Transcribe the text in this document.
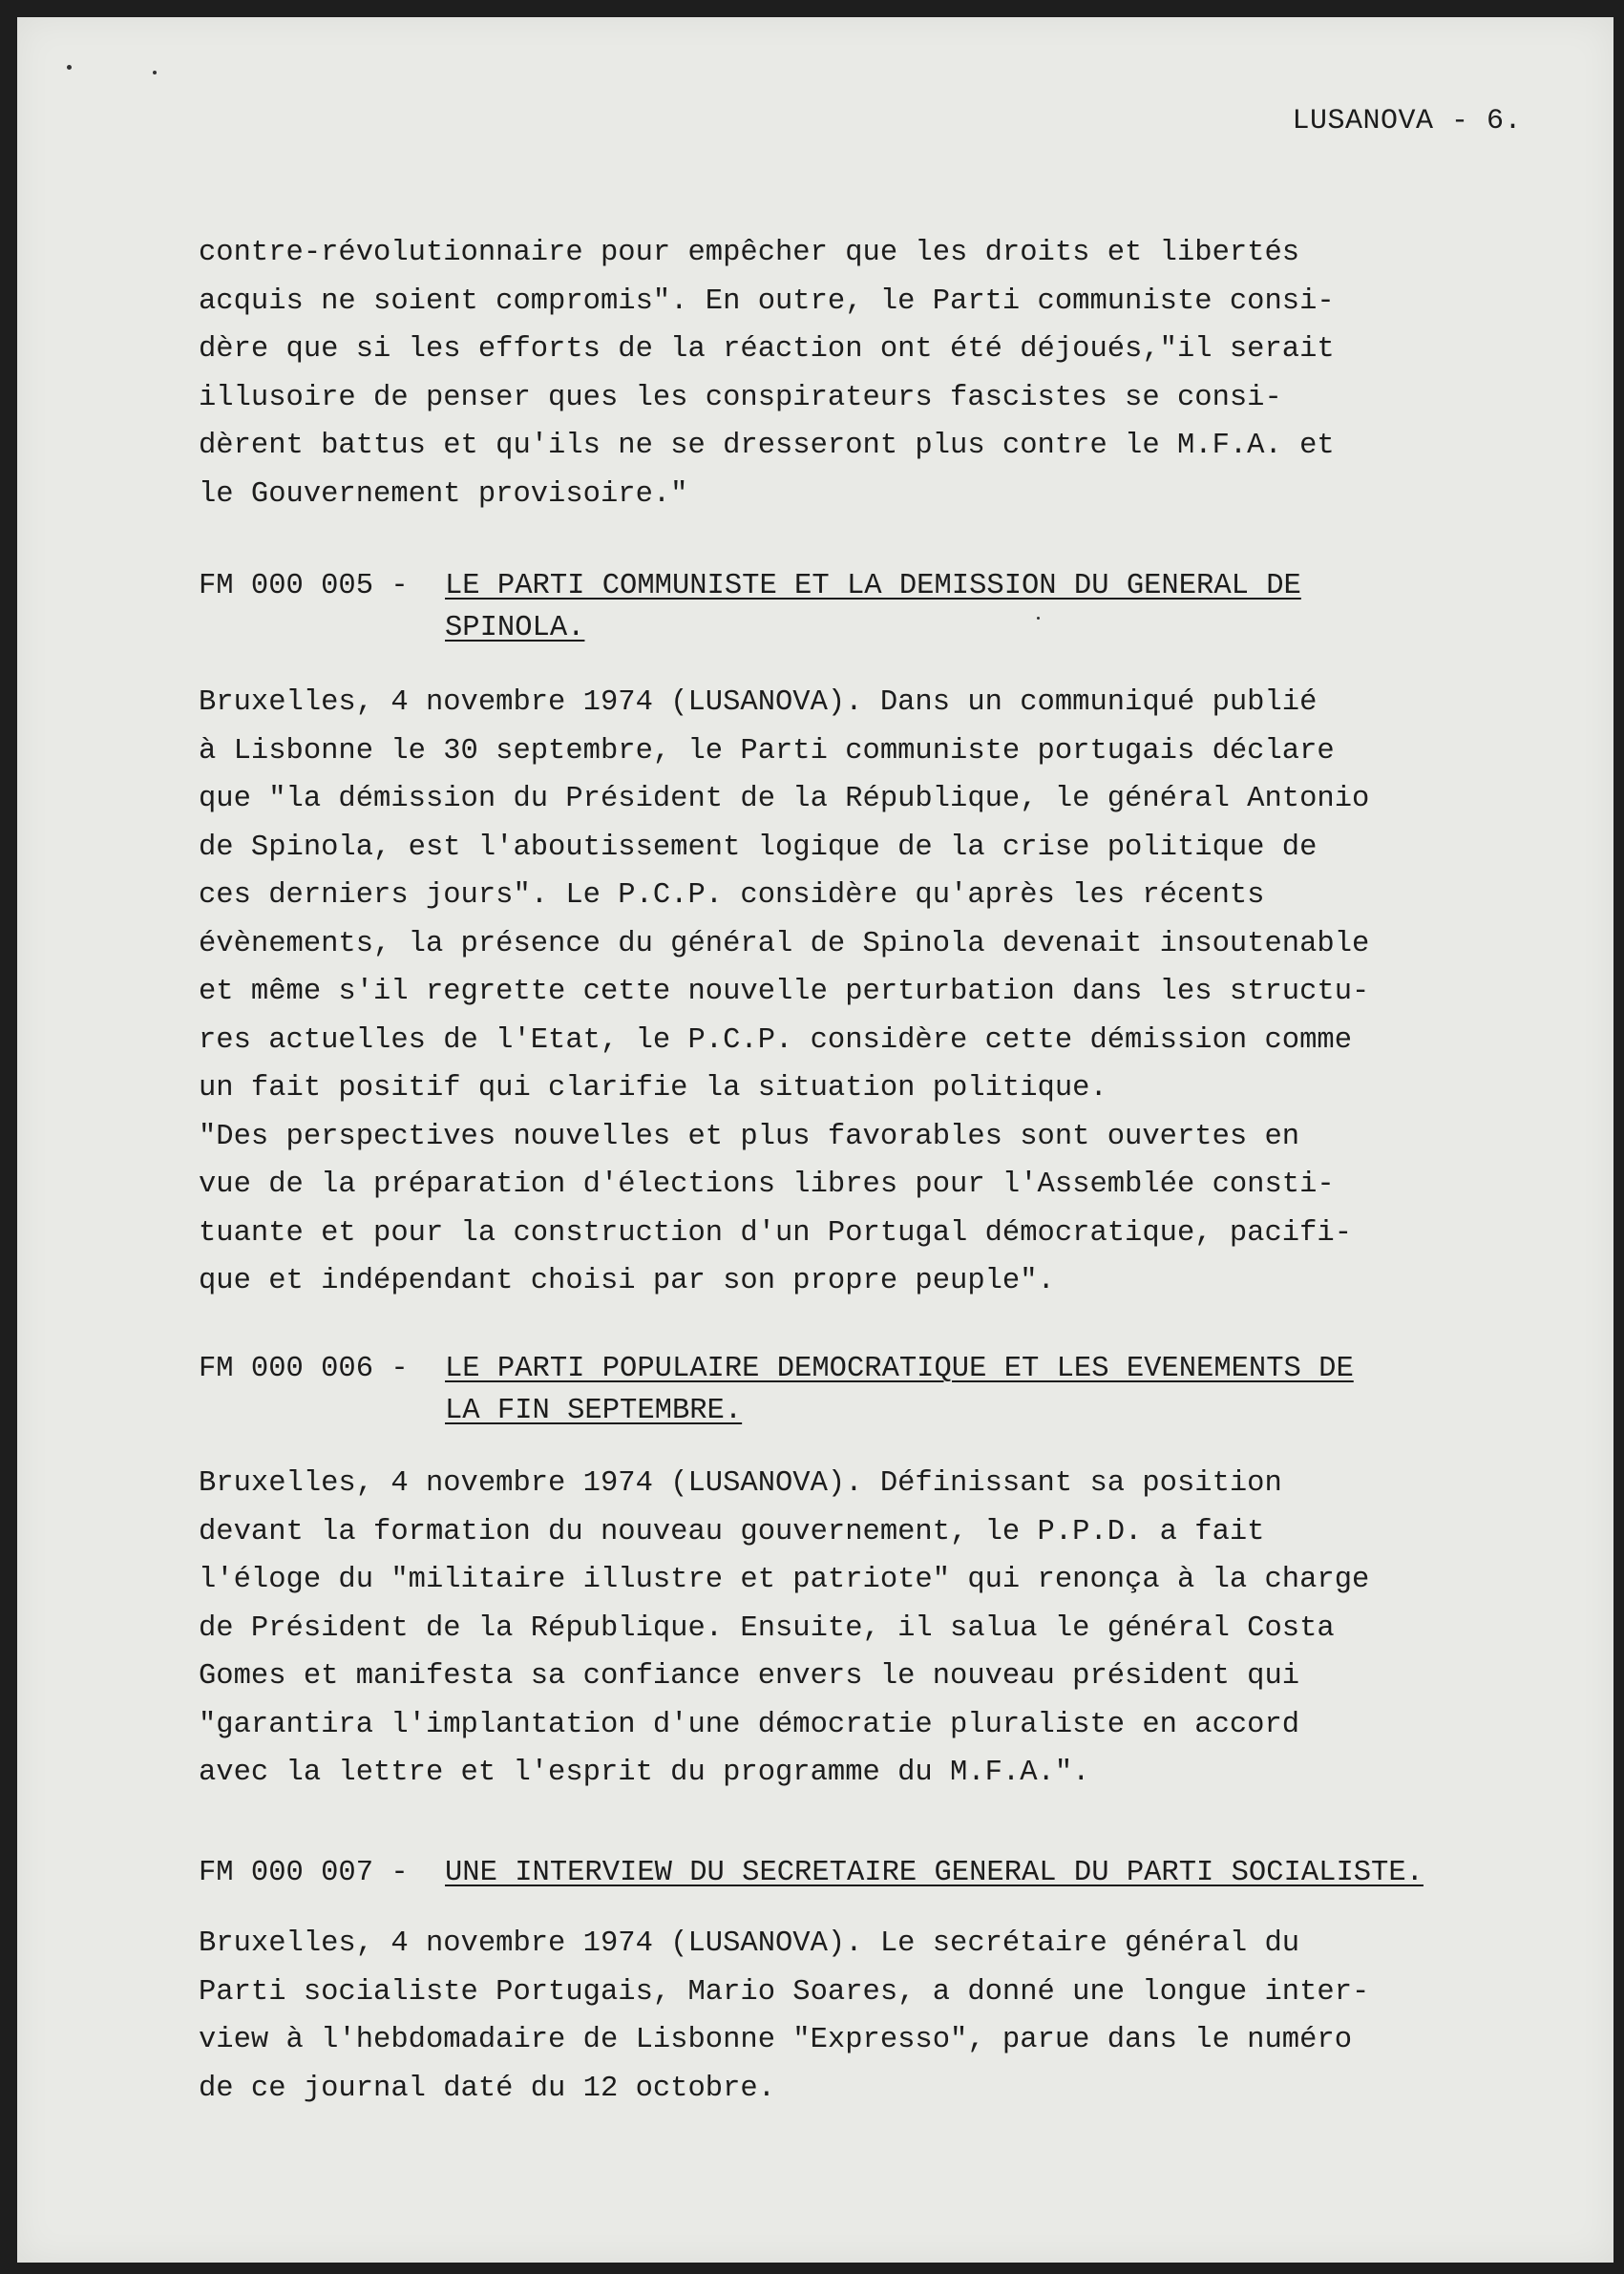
LUSANOVA - 6.

contre-révolutionnaire pour empêcher que les droits et libertés
acquis ne soient compromis". En outre, le Parti communiste consi-
dère que si les efforts de la réaction ont été déjoués,"il serait
illusoire de penser ques les conspirateurs fascistes se consi-
dèrent battus et qu'ils ne se dresseront plus contre le M.F.A. et
le Gouvernement provisoire."

FM 000 005 - LE PARTI COMMUNISTE ET LA DEMISSION DU GENERAL DE
SPINOLA.

Bruxelles, 4 novembre 1974 (LUSANOVA). Dans un communiqué publié
à Lisbonne le 30 septembre, le Parti communiste portugais déclare
que "la démission du Président de la République, le général Antonio
de Spinola, est l'aboutissement logique de la crise politique de
ces derniers jours". Le P.C.P. considère qu'après les récents
évènements, la présence du général de Spinola devenait insoutenable
et même s'il regrette cette nouvelle perturbation dans les structu-
res actuelles de l'Etat, le P.C.P. considère cette démission comme
un fait positif qui clarifie la situation politique.
"Des perspectives nouvelles et plus favorables sont ouvertes en
vue de la préparation d'élections libres pour l'Assemblée consti-
tuante et pour la construction d'un Portugal démocratique, pacifi-
que et indépendant choisi par son propre peuple".

FM 000 006 - LE PARTI POPULAIRE DEMOCRATIQUE ET LES EVENEMENTS DE
LA FIN SEPTEMBRE.

Bruxelles, 4 novembre 1974 (LUSANOVA). Définissant sa position
devant la formation du nouveau gouvernement, le P.P.D. a fait
l'éloge du "militaire illustre et patriote" qui renonça à la charge
de Président de la République. Ensuite, il salua le général Costa
Gomes et manifesta sa confiance envers le nouveau président qui
"garantira l'implantation d'une démocratie pluraliste en accord
avec la lettre et l'esprit du programme du M.F.A.".

FM 000 007 - UNE INTERVIEW DU SECRETAIRE GENERAL DU PARTI SOCIALISTE.

Bruxelles, 4 novembre 1974 (LUSANOVA). Le secrétaire général du
Parti socialiste Portugais, Mario Soares, a donné une longue inter-
view à l'hebdomadaire de Lisbonne "Expresso", parue dans le numéro
de ce journal daté du 12 octobre.
